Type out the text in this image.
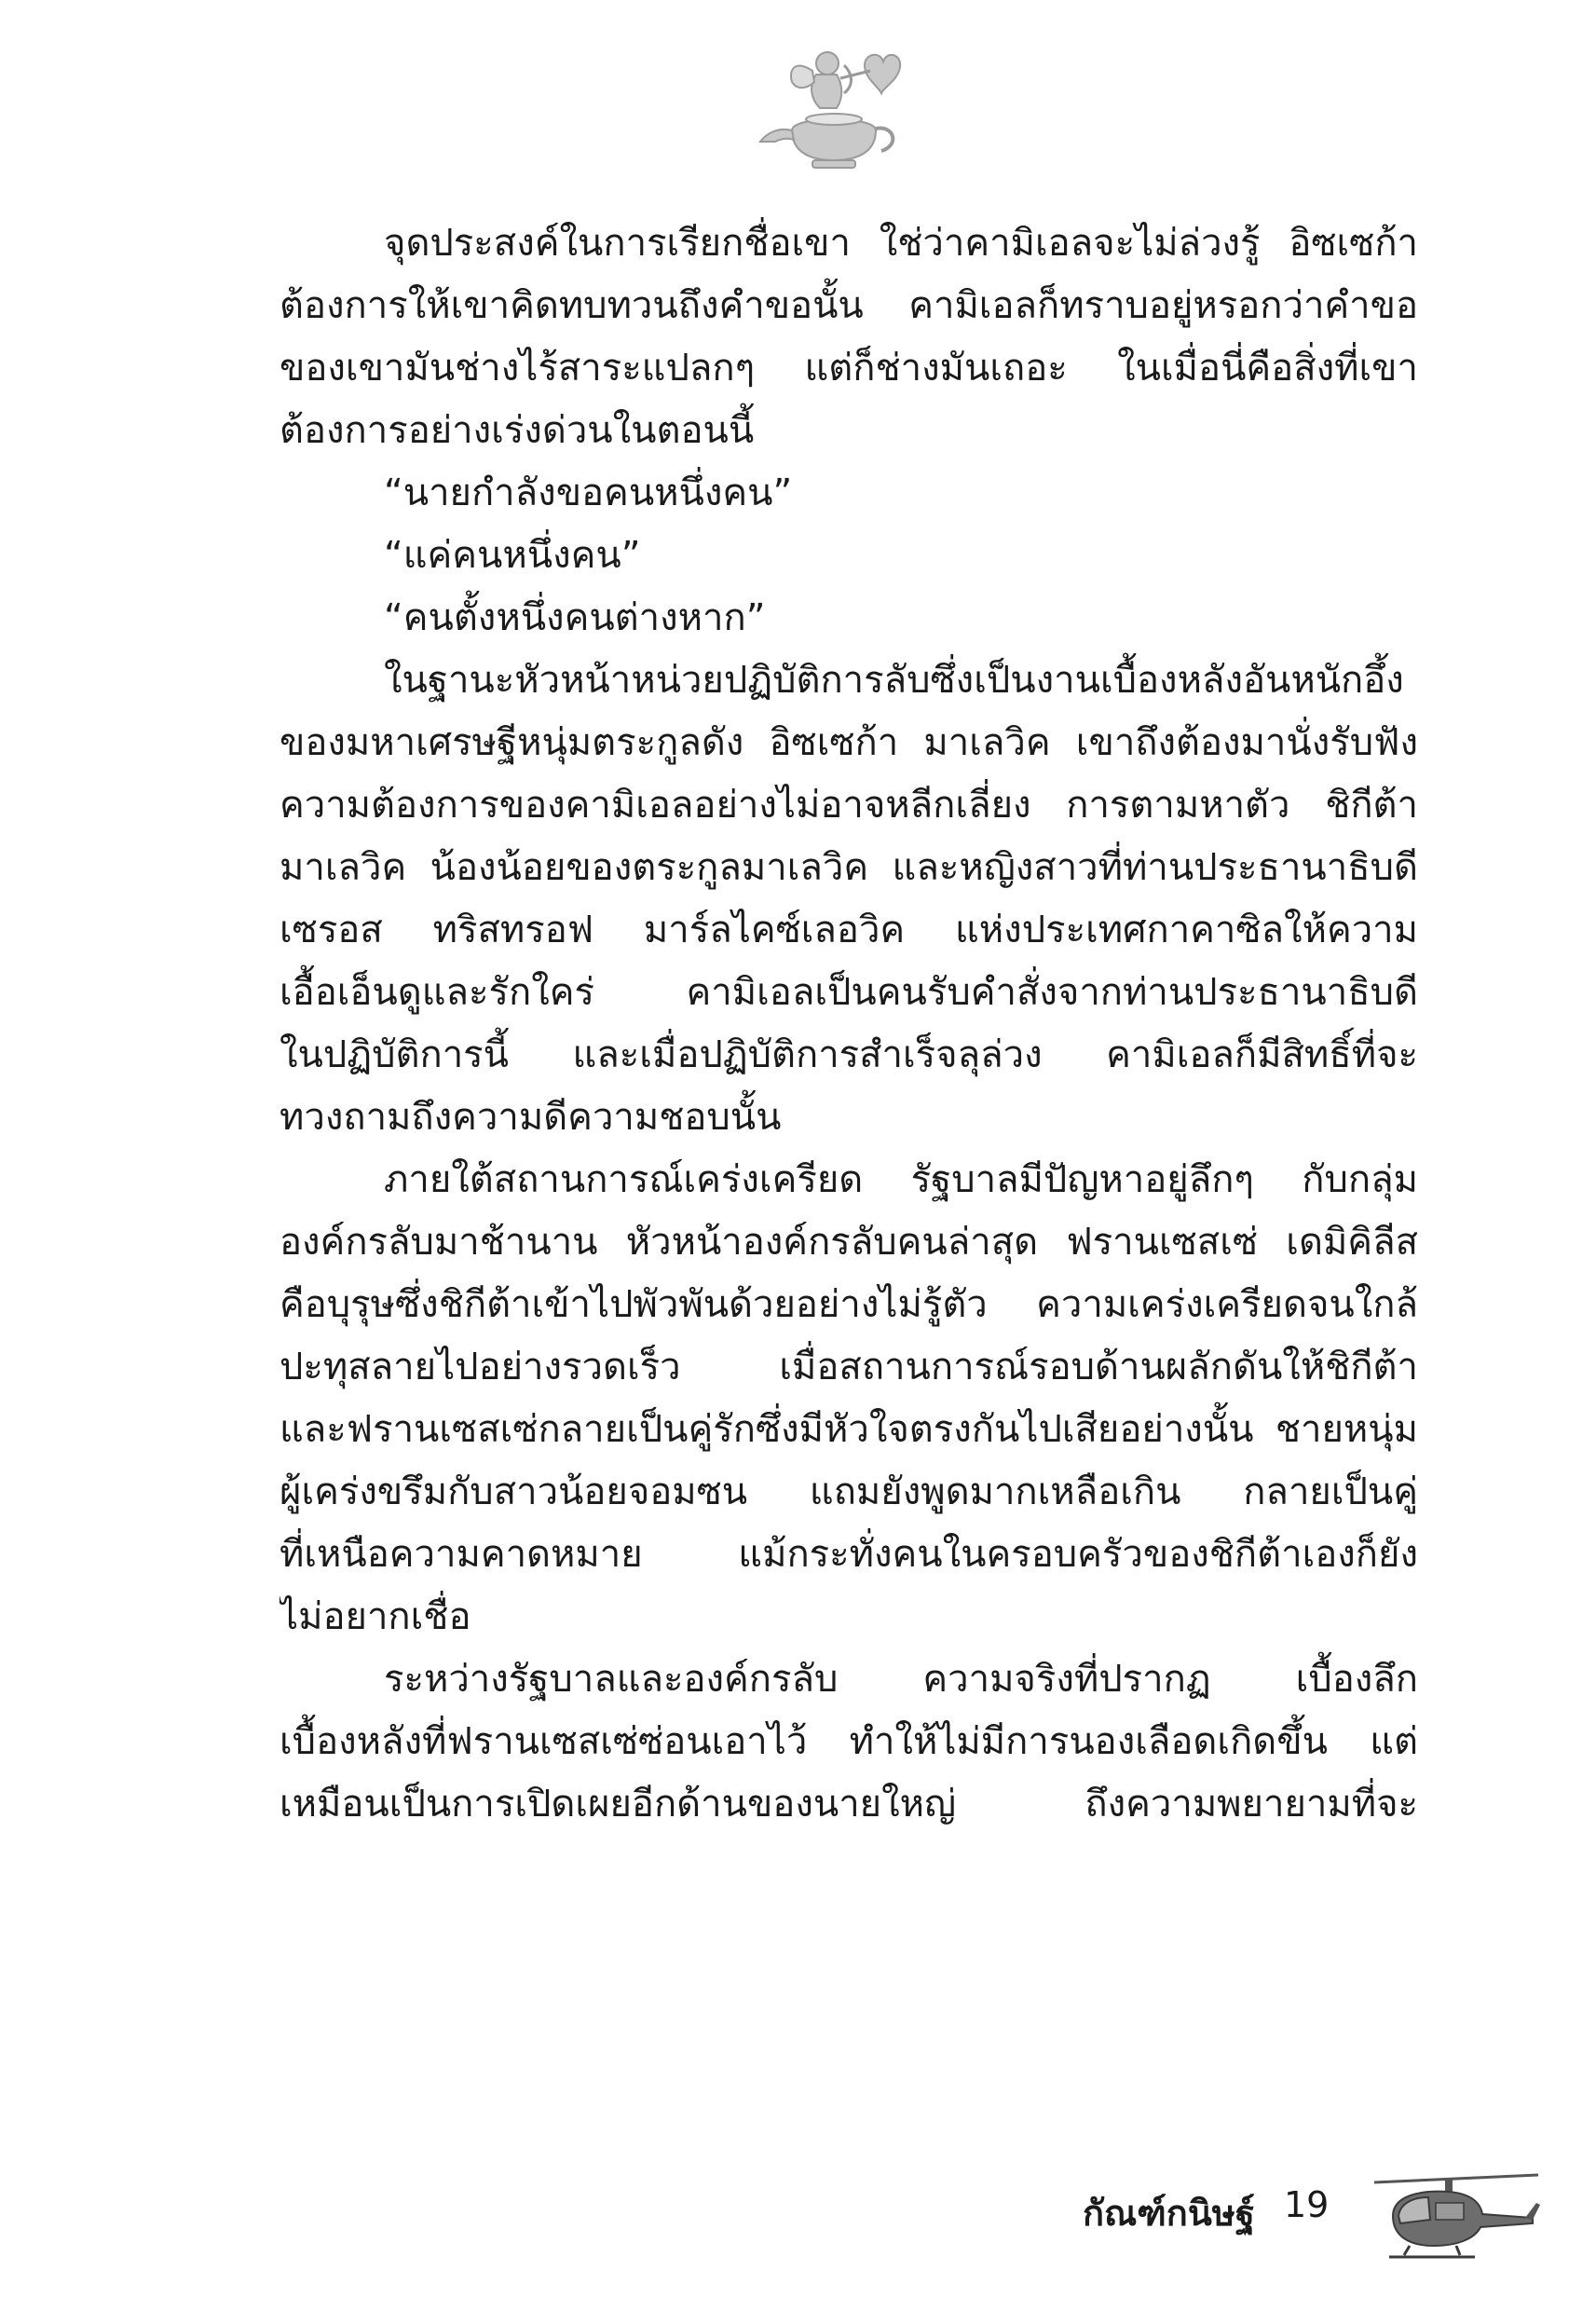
จุดประสงค์ในการเรียกชื่อเขา ใช่ว่าคามิเอลจะไม่ล่วงรู้ อิซเซก้า
ต้องการให้เขาคิดทบทวนถึงคำขอนั้น คามิเอลก็ทราบอยู่หรอกว่าคำขอ
ของเขามันช่างไร้สาระแปลกๆ แต่ก็ช่างมันเถอะ ในเมื่อนี่คือสิ่งที่เขา
ต้องการอย่างเร่งด่วนในตอนนี้
“นายกำลังขอคนหนึ่งคน”
“แค่คนหนึ่งคน”
“คนตั้งหนึ่งคนต่างหาก”
ในฐานะหัวหน้าหน่วยปฏิบัติการลับซึ่งเป็นงานเบื้องหลังอันหนักอึ้ง
ของมหาเศรษฐีหนุ่มตระกูลดัง อิซเซก้า มาเลวิค เขาถึงต้องมานั่งรับฟัง
ความต้องการของคามิเอลอย่างไม่อาจหลีกเลี่ยง การตามหาตัว ชิกีต้า
มาเลวิค น้องน้อยของตระกูลมาเลวิค และหญิงสาวที่ท่านประธานาธิบดี
เซรอส ทริสทรอฟ มาร์ลไคซ์เลอวิค แห่งประเทศกาคาซิลให้ความ
เอื้อเอ็นดูและรักใคร่ คามิเอลเป็นคนรับคำสั่งจากท่านประธานาธิบดี
ในปฏิบัติการนี้ และเมื่อปฏิบัติการสำเร็จลุล่วง คามิเอลก็มีสิทธิ์ที่จะ
ทวงถามถึงความดีความชอบนั้น
ภายใต้สถานการณ์เคร่งเครียด รัฐบาลมีปัญหาอยู่ลึกๆ กับกลุ่ม
องค์กรลับมาช้านาน หัวหน้าองค์กรลับคนล่าสุด ฟรานเซสเซ่ เดมิคิลีส
คือบุรุษซึ่งชิกีต้าเข้าไปพัวพันด้วยอย่างไม่รู้ตัว ความเคร่งเครียดจนใกล้
ปะทุสลายไปอย่างรวดเร็ว เมื่อสถานการณ์รอบด้านผลักดันให้ชิกีต้า
และฟรานเซสเซ่กลายเป็นคู่รักซึ่งมีหัวใจตรงกันไปเสียอย่างนั้น ชายหนุ่ม
ผู้เคร่งขรึมกับสาวน้อยจอมซน แถมยังพูดมากเหลือเกิน กลายเป็นคู่
ที่เหนือความคาดหมาย แม้กระทั่งคนในครอบครัวของชิกีต้าเองก็ยัง
ไม่อยากเชื่อ
ระหว่างรัฐบาลและองค์กรลับ ความจริงที่ปรากฏ เบื้องลึก
เบื้องหลังที่ฟรานเซสเซ่ซ่อนเอาไว้ ทำให้ไม่มีการนองเลือดเกิดขึ้น แต่
เหมือนเป็นการเปิดเผยอีกด้านของนายใหญ่ ถึงความพยายามที่จะ
กัณฑ์กนิษฐ์ 19
